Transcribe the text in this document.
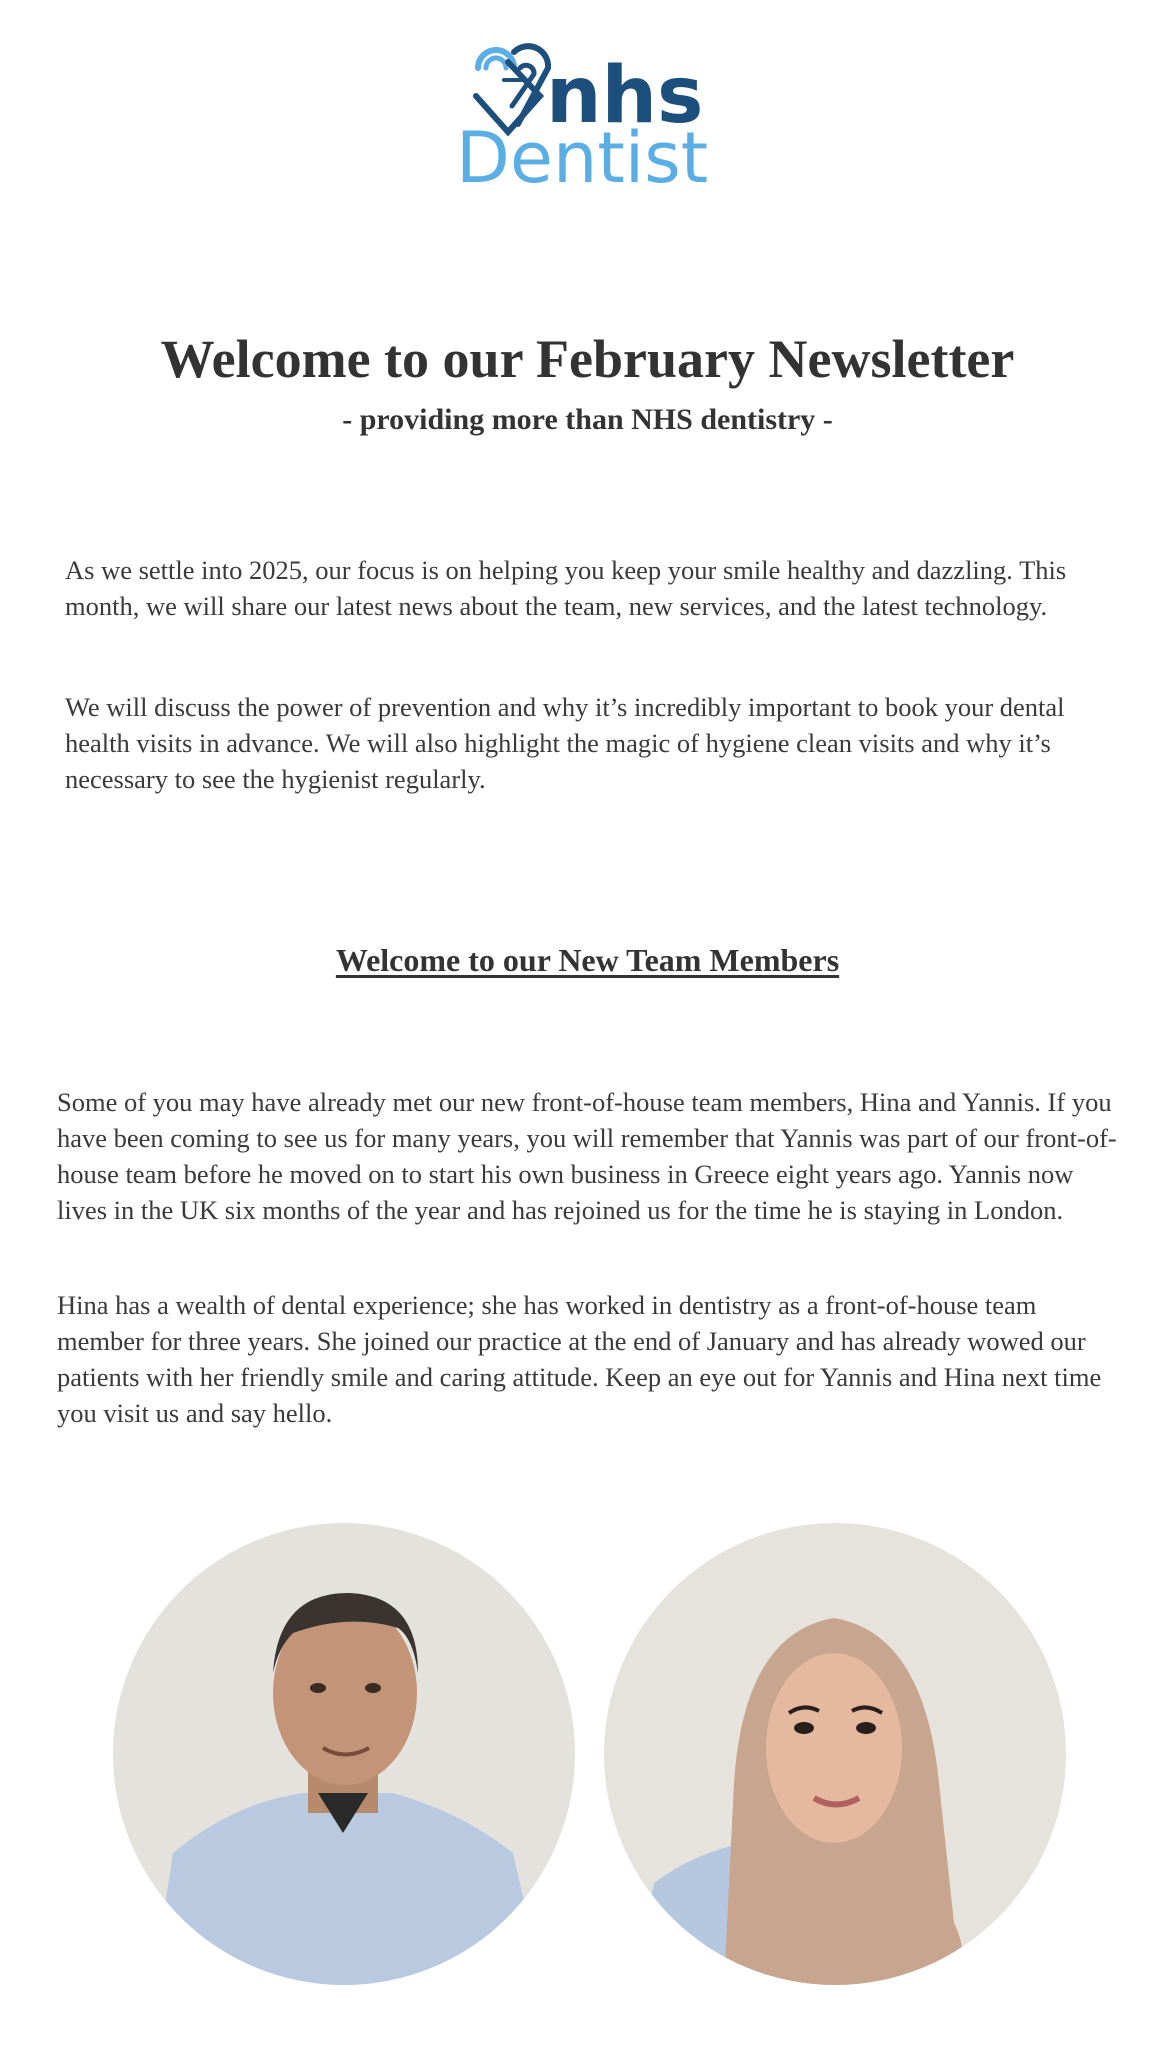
nhs
Dentist
Welcome to our February Newsletter
- providing more than NHS dentistry -

As we settle into 2025, our focus is on helping you keep your smile healthy and dazzling. This month, we will share our latest news about the team, new services, and the latest technology.

We will discuss the power of prevention and why it’s incredibly important to book your dental health visits in advance. We will also highlight the magic of hygiene clean visits and why it’s necessary to see the hygienist regularly.

Welcome to our New Team Members

Some of you may have already met our new front-of-house team members, Hina and Yannis. If you have been coming to see us for many years, you will remember that Yannis was part of our front-of-house team before he moved on to start his own business in Greece eight years ago. Yannis now lives in the UK six months of the year and has rejoined us for the time he is staying in London.

Hina has a wealth of dental experience; she has worked in dentistry as a front-of-house team member for three years. She joined our practice at the end of January and has already wowed our patients with her friendly smile and caring attitude. Keep an eye out for Yannis and Hina next time you visit us and say hello.
